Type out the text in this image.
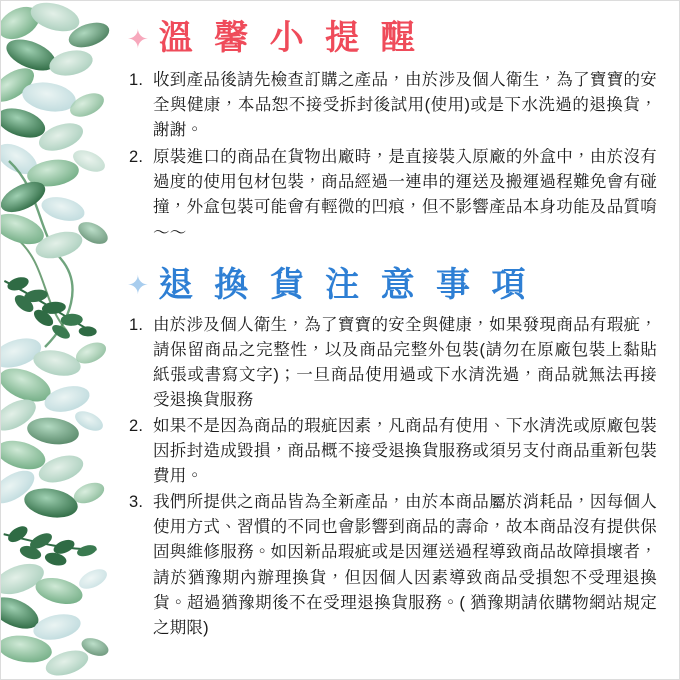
✦ 溫 馨 小 提 醒
收到產品後請先檢查訂購之產品，由於涉及個人衛生，為了寶寶的安全與健康，本品恕不接受拆封後試用(使用)或是下水洗過的退換貨，謝謝。
原裝進口的商品在貨物出廠時，是直接裝入原廠的外盒中，由於沒有過度的使用包材包裝，商品經過一連串的運送及搬運過程難免會有碰撞，外盒包裝可能會有輕微的凹痕，但不影響產品本身功能及品質唷～～
✦ 退 換 貨 注 意 事 項
由於涉及個人衛生，為了寶寶的安全與健康，如果發現商品有瑕疵，請保留商品之完整性，以及商品完整外包裝(請勿在原廠包裝上黏貼紙張或書寫文字)；一旦商品使用過或下水清洗過，商品就無法再接受退換貨服務
如果不是因為商品的瑕疵因素，凡商品有使用、下水清洗或原廠包裝因拆封造成毀損，商品概不接受退換貨服務或須另支付商品重新包裝費用。
我們所提供之商品皆為全新產品，由於本商品屬於消耗品，因每個人使用方式、習慣的不同也會影響到商品的壽命，故本商品沒有提供保固與維修服務。如因新品瑕疵或是因運送過程導致商品故障損壞者，請於猶豫期內辦理換貨，但因個人因素導致商品受損恕不受理退換貨。超過猶豫期後不在受理退換貨服務。( 猶豫期請依購物網站規定之期限)
